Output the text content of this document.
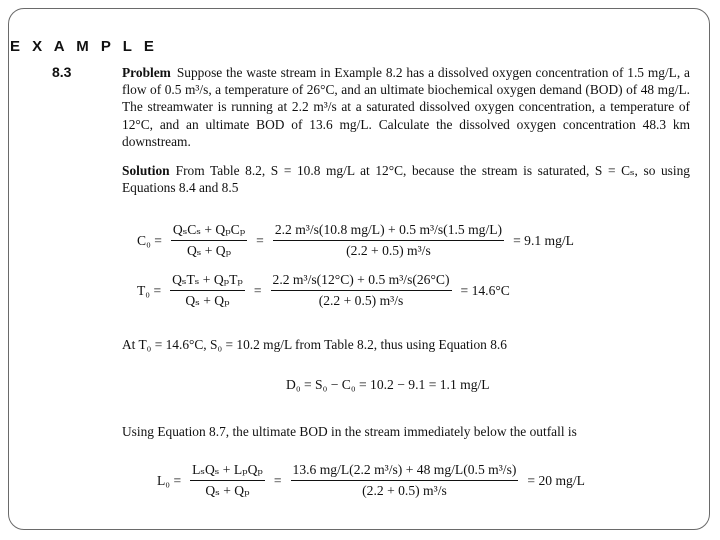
E X A M P L E
8.3	Problem Suppose the waste stream in Example 8.2 has a dissolved oxygen concentration of 1.5 mg/L, a flow of 0.5 m³/s, a temperature of 26°C, and an ultimate biochemical oxygen demand (BOD) of 48 mg/L. The streamwater is running at 2.2 m³/s at a saturated dissolved oxygen concentration, a temperature of 12°C, and an ultimate BOD of 13.6 mg/L. Calculate the dissolved oxygen concentration 48.3 km downstream.
Solution From Table 8.2, S = 10.8 mg/L at 12°C, because the stream is saturated, S = Cₛ, so using Equations 8.4 and 8.5
$C_0 = \frac{\text{QₛCₛ + QₚCₚ}}{\text{Qₛ + Qₚ}} = \frac{\text{2.2 m³/s(10.8 mg/L) + 0.5 m³/s(1.5 mg/L)}}{\text{(2.2 + 0.5) m³/s}} = 9.1$ mg/L
$T_0 = \frac{\text{QₛTₛ + QₚTₚ}}{\text{Qₛ + Qₚ}} = \frac{\text{2.2 m³/s(12°C) + 0.5 m³/s(26°C)}}{\text{(2.2 + 0.5) m³/s}} = 14.6^\circ C$
At T₀ = 14.6°C, S₀ = 10.2 mg/L from Table 8.2, thus using Equation 8.6
D₀ = S₀ − C₀ = 10.2 − 9.1 = 1.1 mg/L
Using Equation 8.7, the ultimate BOD in the stream immediately below the outfall is
$L_0 = \frac{\text{LₛQₛ + LₚQₚ}}{\text{Qₛ + Qₚ}} = \frac{\text{13.6 mg/L(2.2 m³/s) + 48 mg/L(0.5 m³/s)}}{\text{(2.2 + 0.5) m³/s}} = 20$ mg/L
